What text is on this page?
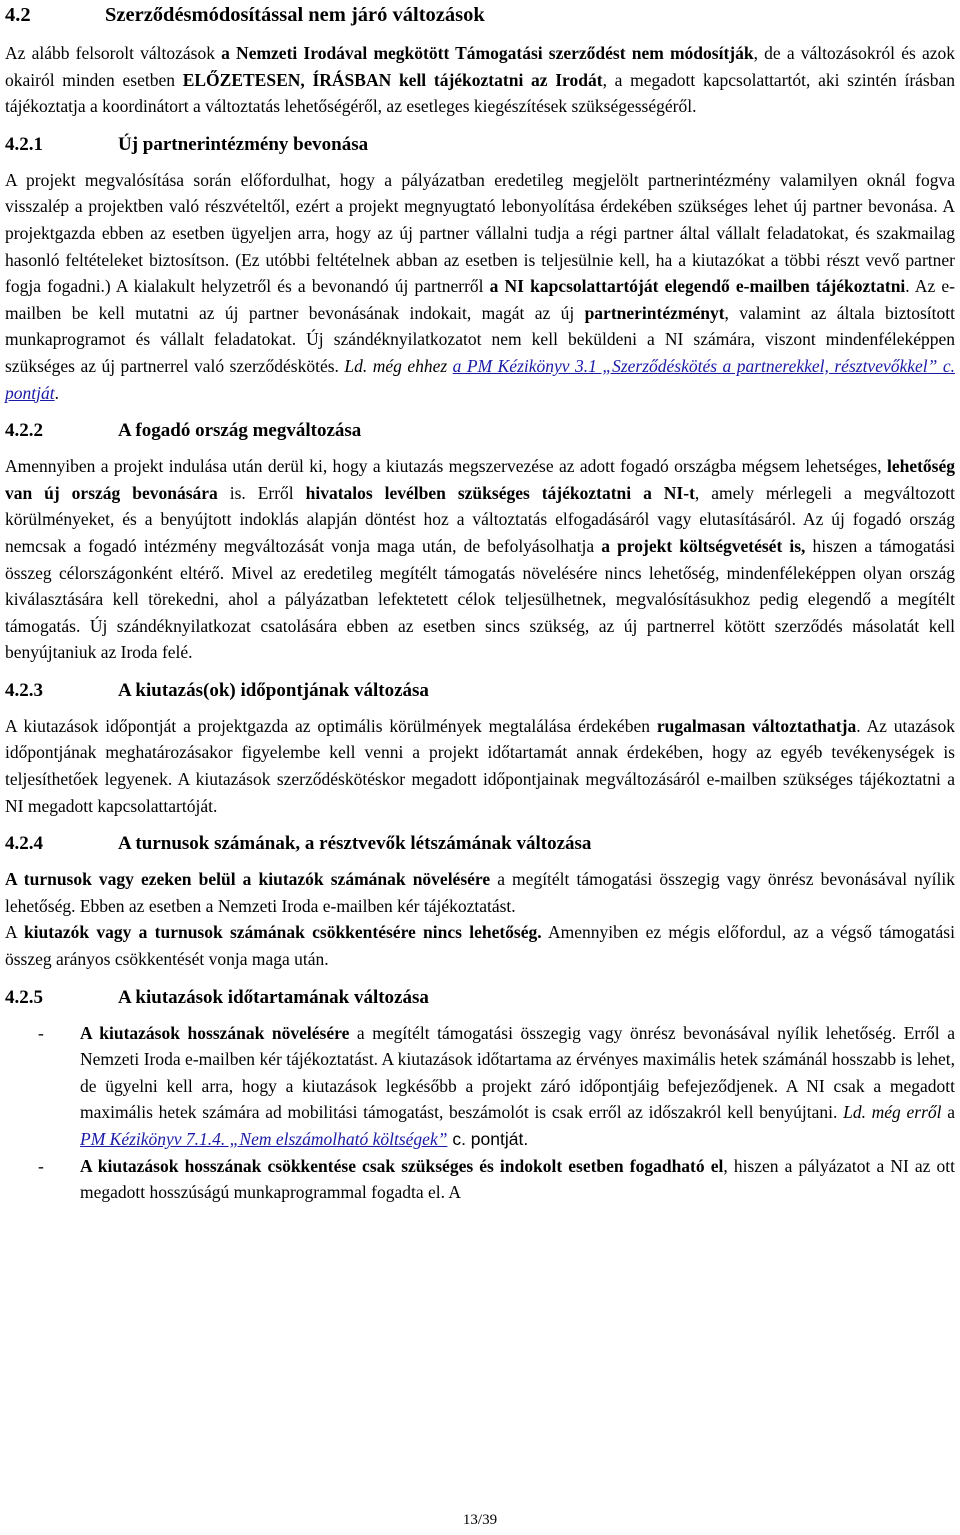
4.2	Szerződésmódosítással nem járó változások

Az alább felsorolt változások a Nemzeti Irodával megkötött Támogatási szerződést nem módosítják, de a változásokról és azok okairól minden esetben ELŐZETESEN, ÍRÁSBAN kell tájékoztatni az Irodát, a megadott kapcsolattartót, aki szintén írásban tájékoztatja a koordinátort a változtatás lehetőségéről, az esetleges kiegészítések szükségességéről.

4.2.1	Új partnerintézmény bevonása

A projekt megvalósítása során előfordulhat, hogy a pályázatban eredetileg megjelölt partnerintézmény valamilyen oknál fogva visszalép a projektben való részvételtől, ezért a projekt megnyugtató lebonyolítása érdekében szükséges lehet új partner bevonása. A projektgazda ebben az esetben ügyeljen arra, hogy az új partner vállalni tudja a régi partner által vállalt feladatokat, és szakmailag hasonló feltételeket biztosítson. (Ez utóbbi feltételnek abban az esetben is teljesülnie kell, ha a kiutazókat a többi részt vevő partner fogja fogadni.) A kialakult helyzetről és a bevonandó új partnerről a NI kapcsolattartóját elegendő e-mailben tájékoztatni. Az e-mailben be kell mutatni az új partner bevonásának indokait, magát az új partnerintézményt, valamint az általa biztosított munkaprogramot és vállalt feladatokat. Új szándéknyilatkozatot nem kell beküldeni a NI számára, viszont mindenféleképpen szükséges az új partnerrel való szerződéskötés. Ld. még ehhez a PM Kézikönyv 3.1 „Szerződéskötés a partnerekkel, résztvevőkkel” c. pontját.

4.2.2	A fogadó ország megváltozása

Amennyiben a projekt indulása után derül ki, hogy a kiutazás megszervezése az adott fogadó országba mégsem lehetséges, lehetőség van új ország bevonására is. Erről hivatalos levélben szükséges tájékoztatni a NI-t, amely mérlegeli a megváltozott körülményeket, és a benyújtott indoklás alapján döntést hoz a változtatás elfogadásáról vagy elutasításáról. Az új fogadó ország nemcsak a fogadó intézmény megváltozását vonja maga után, de befolyásolhatja a projekt költségvetését is, hiszen a támogatási összeg célországonként eltérő. Mivel az eredetileg megítélt támogatás növelésére nincs lehetőség, mindenféleképpen olyan ország kiválasztására kell törekedni, ahol a pályázatban lefektetett célok teljesülhetnek, megvalósításukhoz pedig elegendő a megítélt támogatás. Új szándéknyilatkozat csatolására ebben az esetben sincs szükség, az új partnerrel kötött szerződés másolatát kell benyújtaniuk az Iroda felé.

4.2.3	A kiutazás(ok) időpontjának változása

A kiutazások időpontját a projektgazda az optimális körülmények megtalálása érdekében rugalmasan változtathatja. Az utazások időpontjának meghatározásakor figyelembe kell venni a projekt időtartamát annak érdekében, hogy az egyéb tevékenységek is teljesíthetőek legyenek. A kiutazások szerződéskötéskor megadott időpontjainak megváltozásáról e-mailben szükséges tájékoztatni a NI megadott kapcsolattartóját.

4.2.4	A turnusok számának, a résztvevők létszámának változása

A turnusok vagy ezeken belül a kiutazók számának növelésére a megítélt támogatási összegig vagy önrész bevonásával nyílik lehetőség. Ebben az esetben a Nemzeti Iroda e-mailben kér tájékoztatást.

A kiutazók vagy a turnusok számának csökkentésére nincs lehetőség. Amennyiben ez mégis előfordul, az a végső támogatási összeg arányos csökkentését vonja maga után.

4.2.5	A kiutazások időtartamának változása
- A kiutazások hosszának növelésére a megítélt támogatási összegig vagy önrész bevonásával nyílik lehetőség. Erről a Nemzeti Iroda e-mailben kér tájékoztatást. A kiutazások időtartama az érvényes maximális hetek számánál hosszabb is lehet, de ügyelni kell arra, hogy a kiutazások legkésőbb a projekt záró időpontjáig befejeződjenek. A NI csak a megadott maximális hetek számára ad mobilitási támogatást, beszámolót is csak erről az időszakról kell benyújtani. Ld. még erről a PM Kézikönyv 7.1.4. „Nem elszámolható költségek” c. pontját.
- A kiutazások hosszának csökkentése csak szükséges és indokolt esetben fogadható el, hiszen a pályázatot a NI az ott megadott hosszúságú munkaprogrammal fogadta el. A
13/39
